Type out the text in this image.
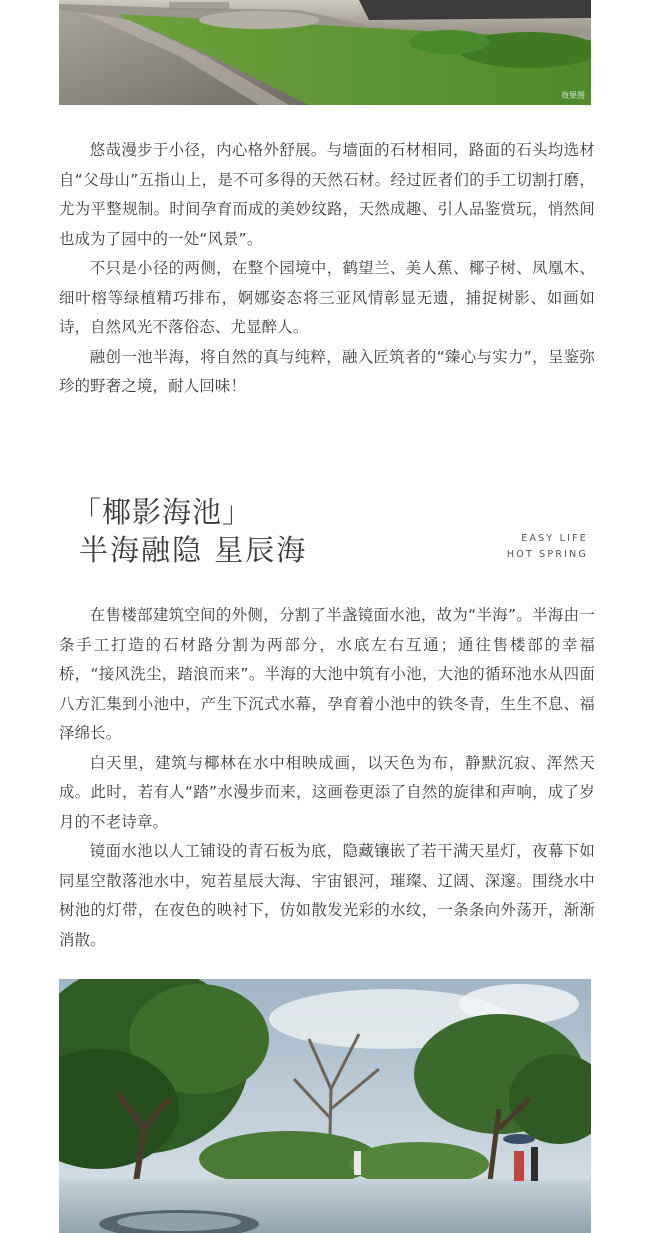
效果图

悠哉漫步于小径，内心格外舒展。与墙面的石材相同，路面的石头均选材自“父母山”五指山上，是不可多得的天然石材。经过匠者们的手工切割打磨，尤为平整规制。时间孕育而成的美妙纹路，天然成趣、引人品鉴赏玩，悄然间也成为了园中的一处“风景”。

不只是小径的两侧，在整个园境中，鹤望兰、美人蕉、椰子树、凤凰木、细叶榕等绿植精巧排布，婀娜姿态将三亚风情彰显无遗，捕捉树影、如画如诗，自然风光不落俗态、尤显醉人。

融创一池半海，将自然的真与纯粹，融入匠筑者的“臻心与实力”，呈鉴弥珍的野奢之境，耐人回味！

「椰影海池」
半海融隐 星辰海	EASY LIFE
HOT SPRING

在售楼部建筑空间的外侧，分割了半盏镜面水池，故为“半海”。半海由一条手工打造的石材路分割为两部分，水底左右互通；通往售楼部的幸福桥，“接风洗尘，踏浪而来”。半海的大池中筑有小池，大池的循环池水从四面八方汇集到小池中，产生下沉式水幕，孕育着小池中的铁冬青，生生不息、福泽绵长。

白天里，建筑与椰林在水中相映成画，以天色为布，静默沉寂、浑然天成。此时，若有人“踏”水漫步而来，这画卷更添了自然的旋律和声响，成了岁月的不老诗章。

镜面水池以人工铺设的青石板为底，隐藏镶嵌了若干满天星灯，夜幕下如同星空散落池水中，宛若星辰大海、宇宙银河，璀璨、辽阔、深邃。围绕水中树池的灯带，在夜色的映衬下，仿如散发光彩的水纹，一条条向外荡开，渐渐消散。
